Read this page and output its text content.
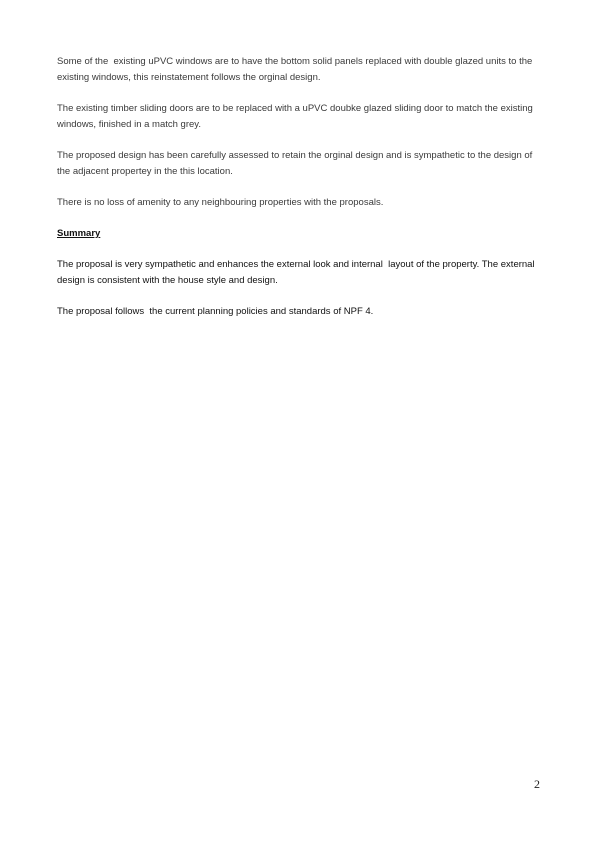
Some of the  existing uPVC windows are to have the bottom solid panels replaced with double glazed units to the existing windows, this reinstatement follows the orginal design.

The existing timber sliding doors are to be replaced with a uPVC doubke glazed sliding door to match the existing windows, finished in a match grey.

The proposed design has been carefully assessed to retain the orginal design and is sympathetic to the design of the adjacent propertey in the this location.

There is no loss of amenity to any neighbouring properties with the proposals.

Summary

The proposal is very sympathetic and enhances the external look and internal  layout of the property. The external design is consistent with the house style and design.

The proposal follows  the current planning policies and standards of NPF 4.

2
